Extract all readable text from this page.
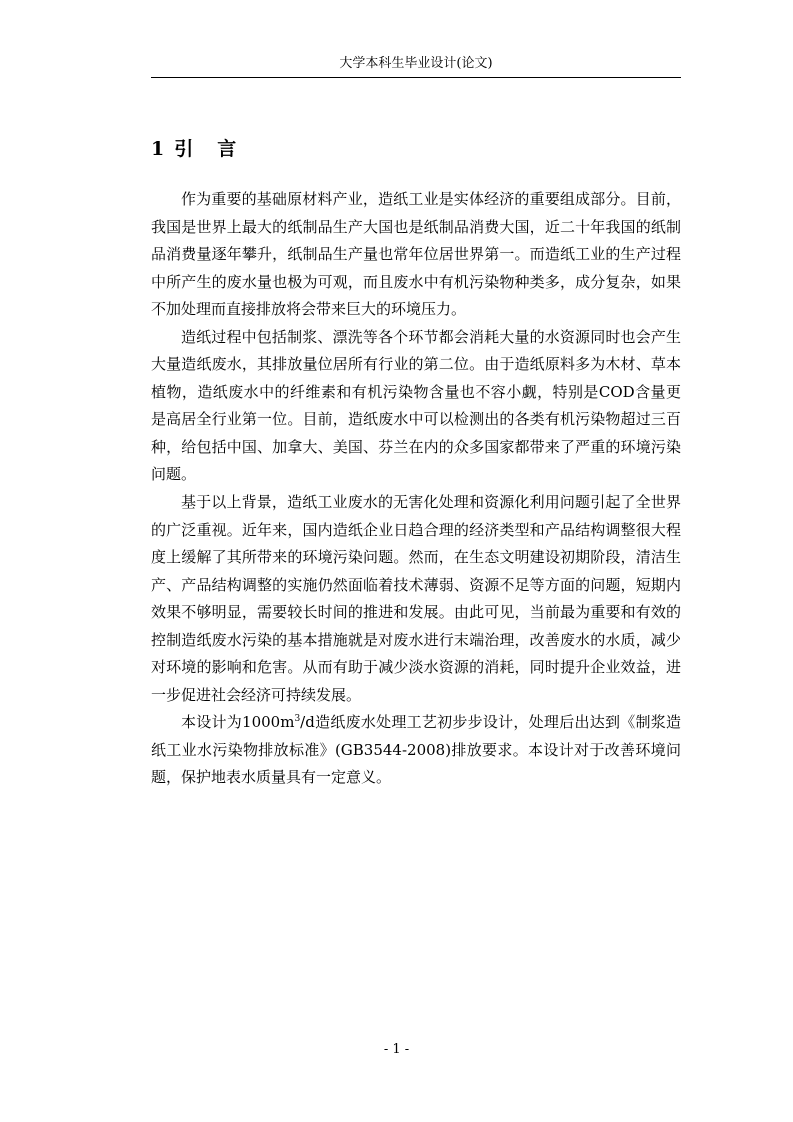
大学本科生毕业设计(论文)
1 引 言

作为重要的基础原材料产业，造纸工业是实体经济的重要组成部分。目前，我国是世界上最大的纸制品生产大国也是纸制品消费大国，近二十年我国的纸制品消费量逐年攀升，纸制品生产量也常年位居世界第一。而造纸工业的生产过程中所产生的废水量也极为可观，而且废水中有机污染物种类多，成分复杂，如果不加处理而直接排放将会带来巨大的环境压力。

造纸过程中包括制浆、漂洗等各个环节都会消耗大量的水资源同时也会产生大量造纸废水，其排放量位居所有行业的第二位。由于造纸原料多为木材、草本植物，造纸废水中的纤维素和有机污染物含量也不容小觑，特别是COD含量更是高居全行业第一位。目前，造纸废水中可以检测出的各类有机污染物超过三百种，给包括中国、加拿大、美国、芬兰在内的众多国家都带来了严重的环境污染问题。

基于以上背景，造纸工业废水的无害化处理和资源化利用问题引起了全世界的广泛重视。近年来，国内造纸企业日趋合理的经济类型和产品结构调整很大程度上缓解了其所带来的环境污染问题。然而，在生态文明建设初期阶段，清洁生产、产品结构调整的实施仍然面临着技术薄弱、资源不足等方面的问题，短期内效果不够明显，需要较长时间的推进和发展。由此可见，当前最为重要和有效的控制造纸废水污染的基本措施就是对废水进行末端治理，改善废水的水质，减少对环境的影响和危害。从而有助于减少淡水资源的消耗，同时提升企业效益，进一步促进社会经济可持续发展。

本设计为$1000m^3/d$造纸废水处理工艺初步步设计，处理后出达到《制浆造纸工业水污染物排放标准》(GB3544-2008)排放要求。本设计对于改善环境问题，保护地表水质量具有一定意义。

- 1 -
